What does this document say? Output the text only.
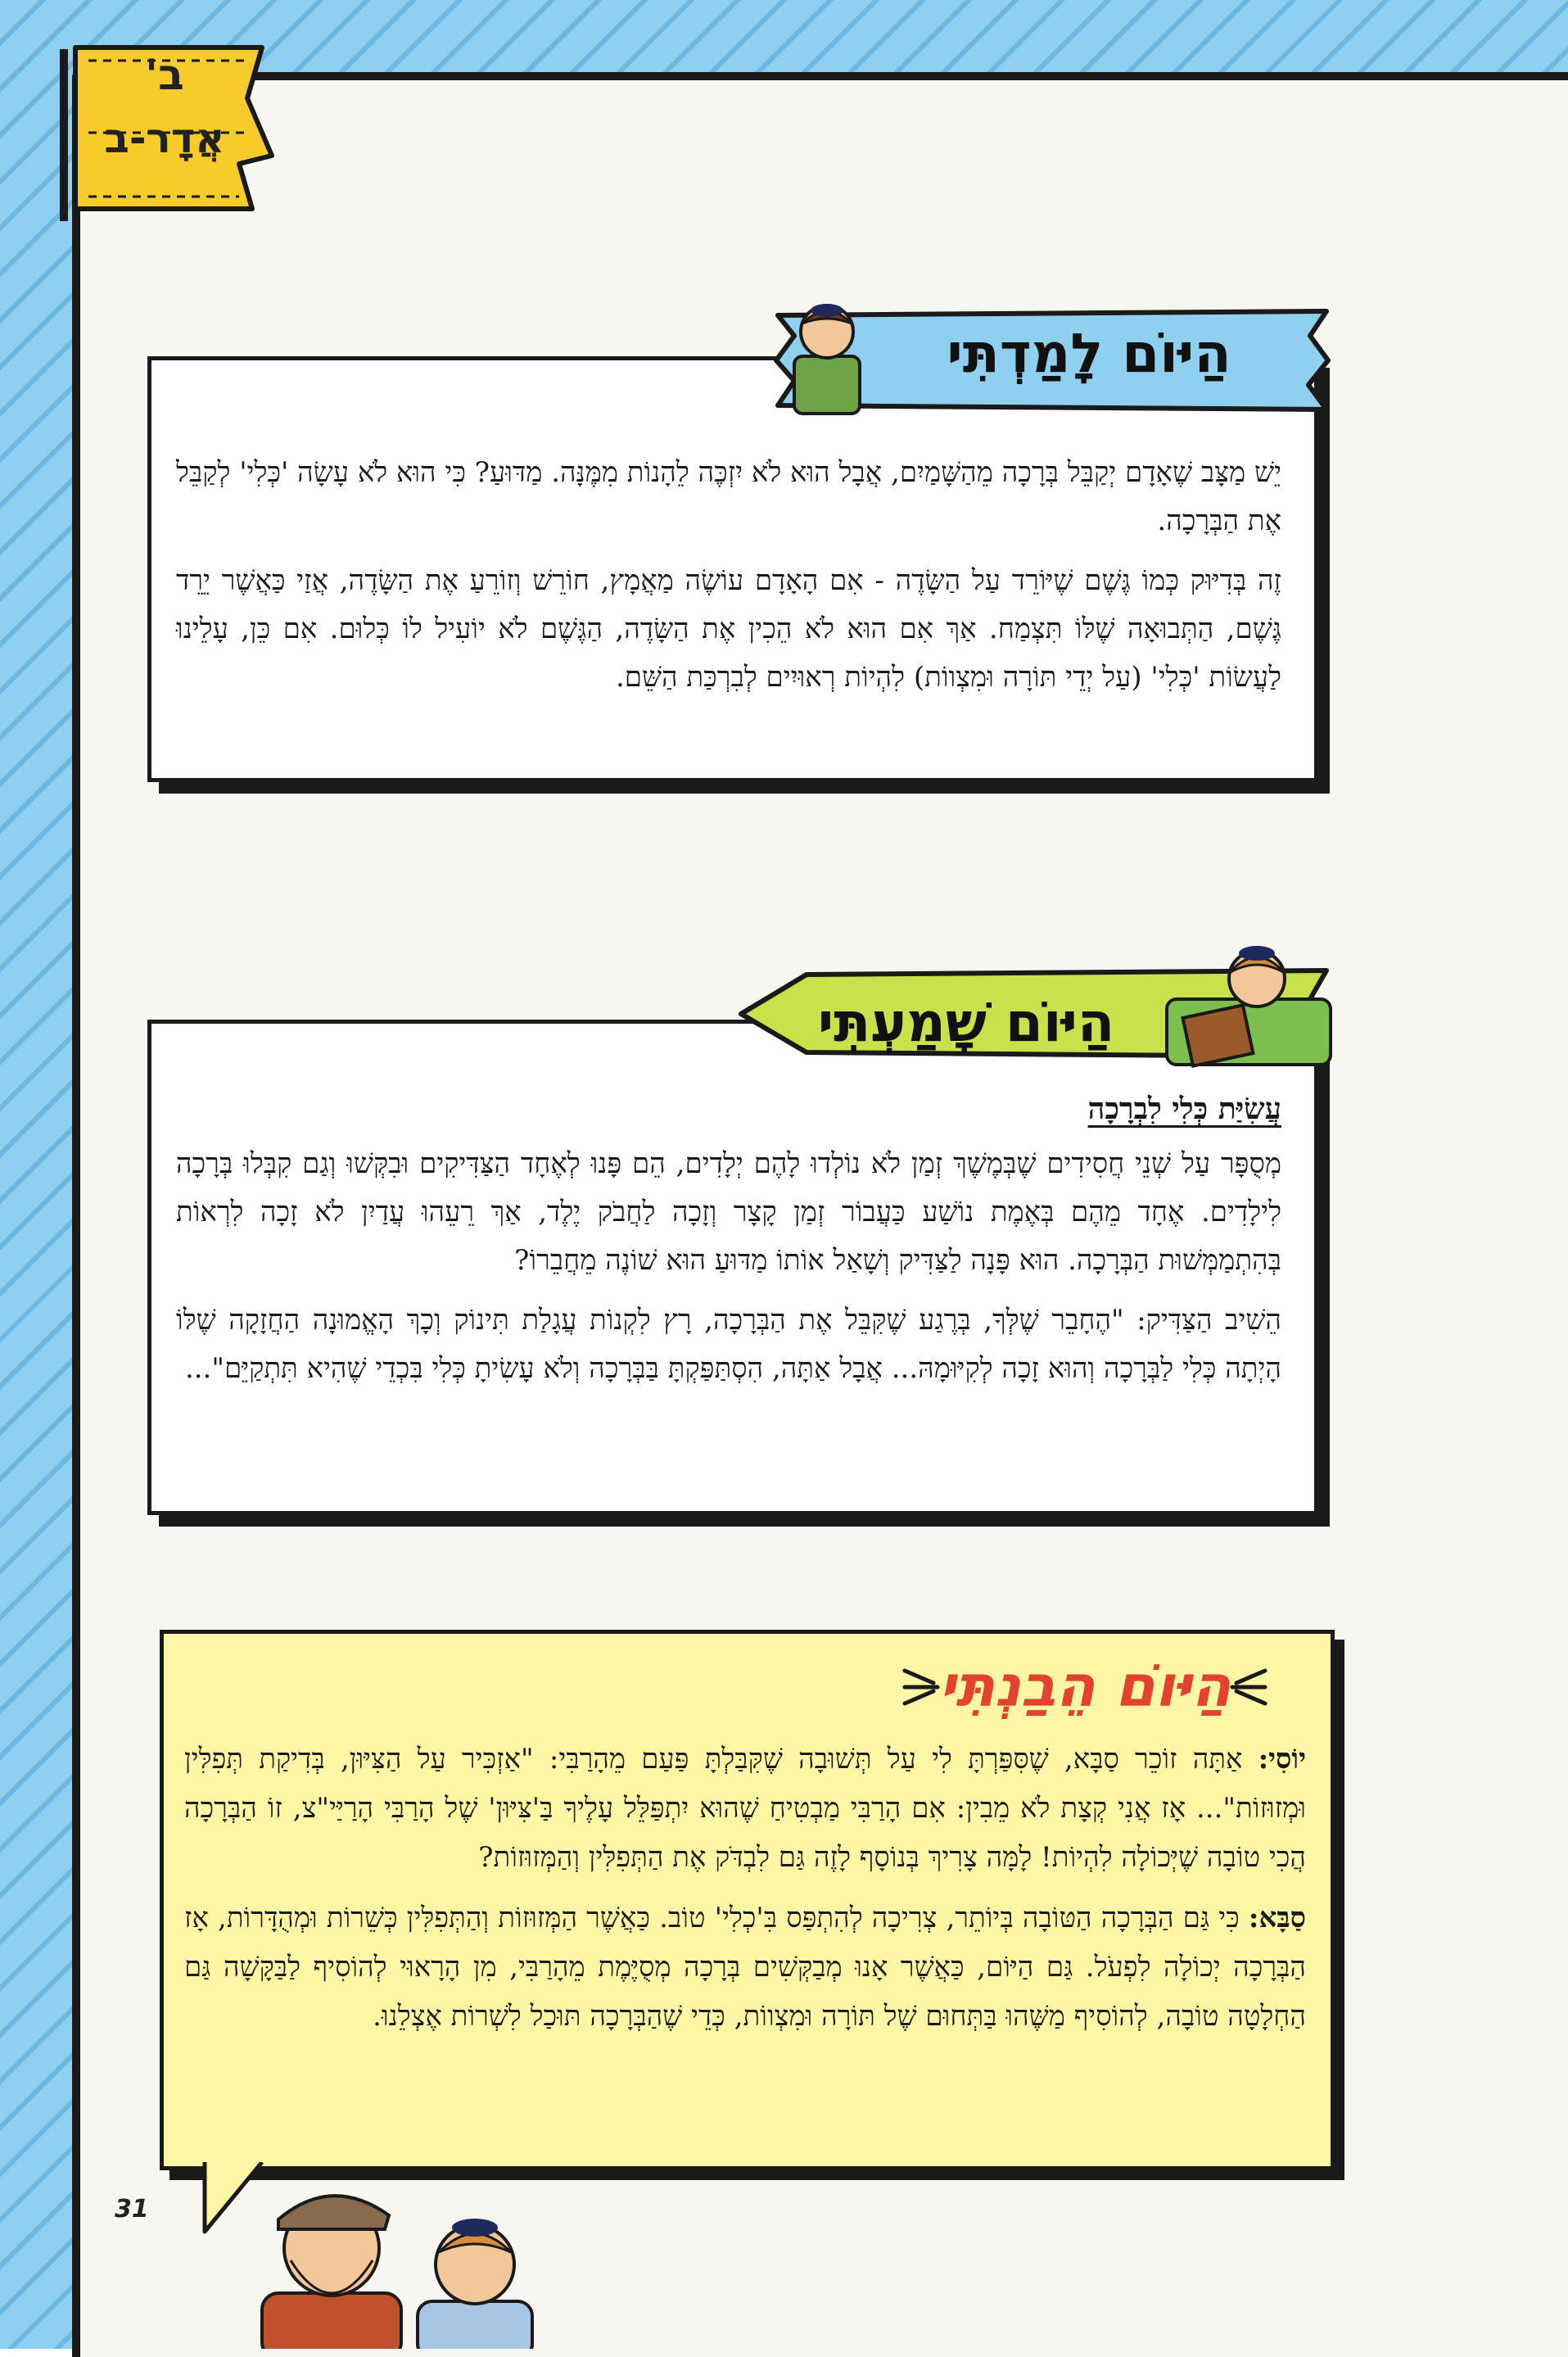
ב'
אֲדָר-ב
הַיּוֹם לָמַדְתִּי

יֵשׁ מַצָּב שֶׁאָדָם יְקַבֵּל בְּרָכָה מֵהַשָּׁמַיִם, אֲבָל הוּא לֹא יִזְכֶּה לֵהָנוֹת מִמֶּנָּה. מַדּוּעַ? כִּי הוּא לֹא עָשָׂה 'כְּלִי' לְקַבֵּל אֶת הַבְּרָכָה.

זֶה בְּדִיּוּק כְּמוֹ גֶּשֶׁם שֶׁיּוֹרֵד עַל הַשָּׂדֶה - אִם הָאָדָם עוֹשֶׂה מַאֲמָץ, חוֹרֵשׁ וְזוֹרֵעַ אֶת הַשָּׂדֶה, אֲזַי כַּאֲשֶׁר יֵרֵד גֶּשֶׁם, הַתְּבוּאָה שֶׁלּוֹ תִּצְמַח. אַךְ אִם הוּא לֹא הֵכִין אֶת הַשָּׂדֶה, הַגֶּשֶׁם לֹא יוֹעִיל לוֹ כְּלוּם. אִם כֵּן, עָלֵינוּ לַעֲשׂוֹת 'כְּלִי' (עַל יְדֵי תּוֹרָה וּמִצְווֹת) לִהְיוֹת רְאוּיִים לְבִרְכַּת הַשֵּׁם.

הַיּוֹם שָׁמַעְתִּי

עֲשִׂיַּת כְּלִי לִבְרָכָה

מְסֻפָּר עַל שְׁנֵי חֲסִידִים שֶׁבְּמֶשֶׁךְ זְמַן לֹא נוֹלְדוּ לָהֶם יְלָדִים, הֵם פָּנוּ לְאֶחָד הַצַּדִּיקִים וּבִקְּשׁוּ וְגַם קִבְּלוּ בְּרָכָה לִילָדִים. אֶחָד מֵהֶם בְּאֶמֶת נוֹשַׁע כַּעֲבוֹר זְמַן קָצָר וְזָכָה לַחֲבֹק יֶלֶד, אַךְ רֵעֵהוּ עֲדַיִן לֹא זָכָה לִרְאוֹת בְּהִתְמַמְּשׁוּת הַבְּרָכָה. הוּא פָּנָה לַצַּדִּיק וְשָׁאַל אוֹתוֹ מַדּוּעַ הוּא שׁוֹנֶה מֵחֲבֵרוֹ?

הֵשִׁיב הַצַּדִּיק: "הֶחָבֵר שֶׁלְּךָ, בְּרֶגַע שֶׁקִּבֵּל אֶת הַבְּרָכָה, רָץ לִקְנוֹת עֲגָלַת תִּינוֹק וְכָךְ הָאֱמוּנָה הַחֲזָקָה שֶׁלּוֹ הָיְתָה כְּלִי לַבְּרָכָה וְהוּא זָכָה לְקִיּוּמָהּ... אֲבָל אַתָּה, הִסְתַּפַּקְתָּ בַּבְּרָכָה וְלֹא עָשִׂיתָ כְּלִי בִּכְדֵי שֶׁהִיא תִּתְקַיֵּם"...

הַיּוֹם הֵבַנְתִּי

יוֹסִי: אַתָּה זוֹכֵר סַבָּא, שֶׁסִּפַּרְתָּ לִי עַל תְּשׁוּבָה שֶׁקִּבַּלְתָּ פַּעַם מֵהָרַבִּי: "אַזְכִּיר עַל הַצִּיּוּן, בְּדִיקַת תְּפִלִּין וּמְזוּזוֹת"... אָז אֲנִי קְצָת לֹא מֵבִין: אִם הָרַבִּי מַבְטִיחַ שֶׁהוּא יִתְפַּלֵּל עָלֶיךָ בַּ'צִּיּוּן' שֶׁל הָרַבִּי הָרַיַּי"צ, זוֹ הַבְּרָכָה הֲכִי טוֹבָה שֶׁיְּכוֹלָה לִהְיוֹת! לָמָּה צָרִיךְ בְּנוֹסָף לָזֶה גַּם לִבְדֹּק אֶת הַתְּפִלִּין וְהַמְּזוּזוֹת?

סַבָּא: כִּי גַּם הַבְּרָכָה הַטּוֹבָה בְּיוֹתֵר, צְרִיכָה לְהִתְפַּס בִּ'כְלִי' טוֹב. כַּאֲשֶׁר הַמְּזוּזוֹת וְהַתְּפִלִּין כְּשֵׁרוֹת וּמְהֻדָּרוֹת, אָז הַבְּרָכָה יְכוֹלָה לִפְעֹל. גַּם הַיּוֹם, כַּאֲשֶׁר אָנוּ מְבַקְּשִׁים בְּרָכָה מְסֻיֶּמֶת מֵהָרַבִּי, מִן הָרָאוּי לְהוֹסִיף לַבַּקָּשָׁה גַּם הַחְלָטָה טוֹבָה, לְהוֹסִיף מַשֶּׁהוּ בַּתְּחוּם שֶׁל תּוֹרָה וּמִצְווֹת, כְּדֵי שֶׁהַבְּרָכָה תּוּכַל לִשְׁרוֹת אֶצְלֵנוּ.

31
